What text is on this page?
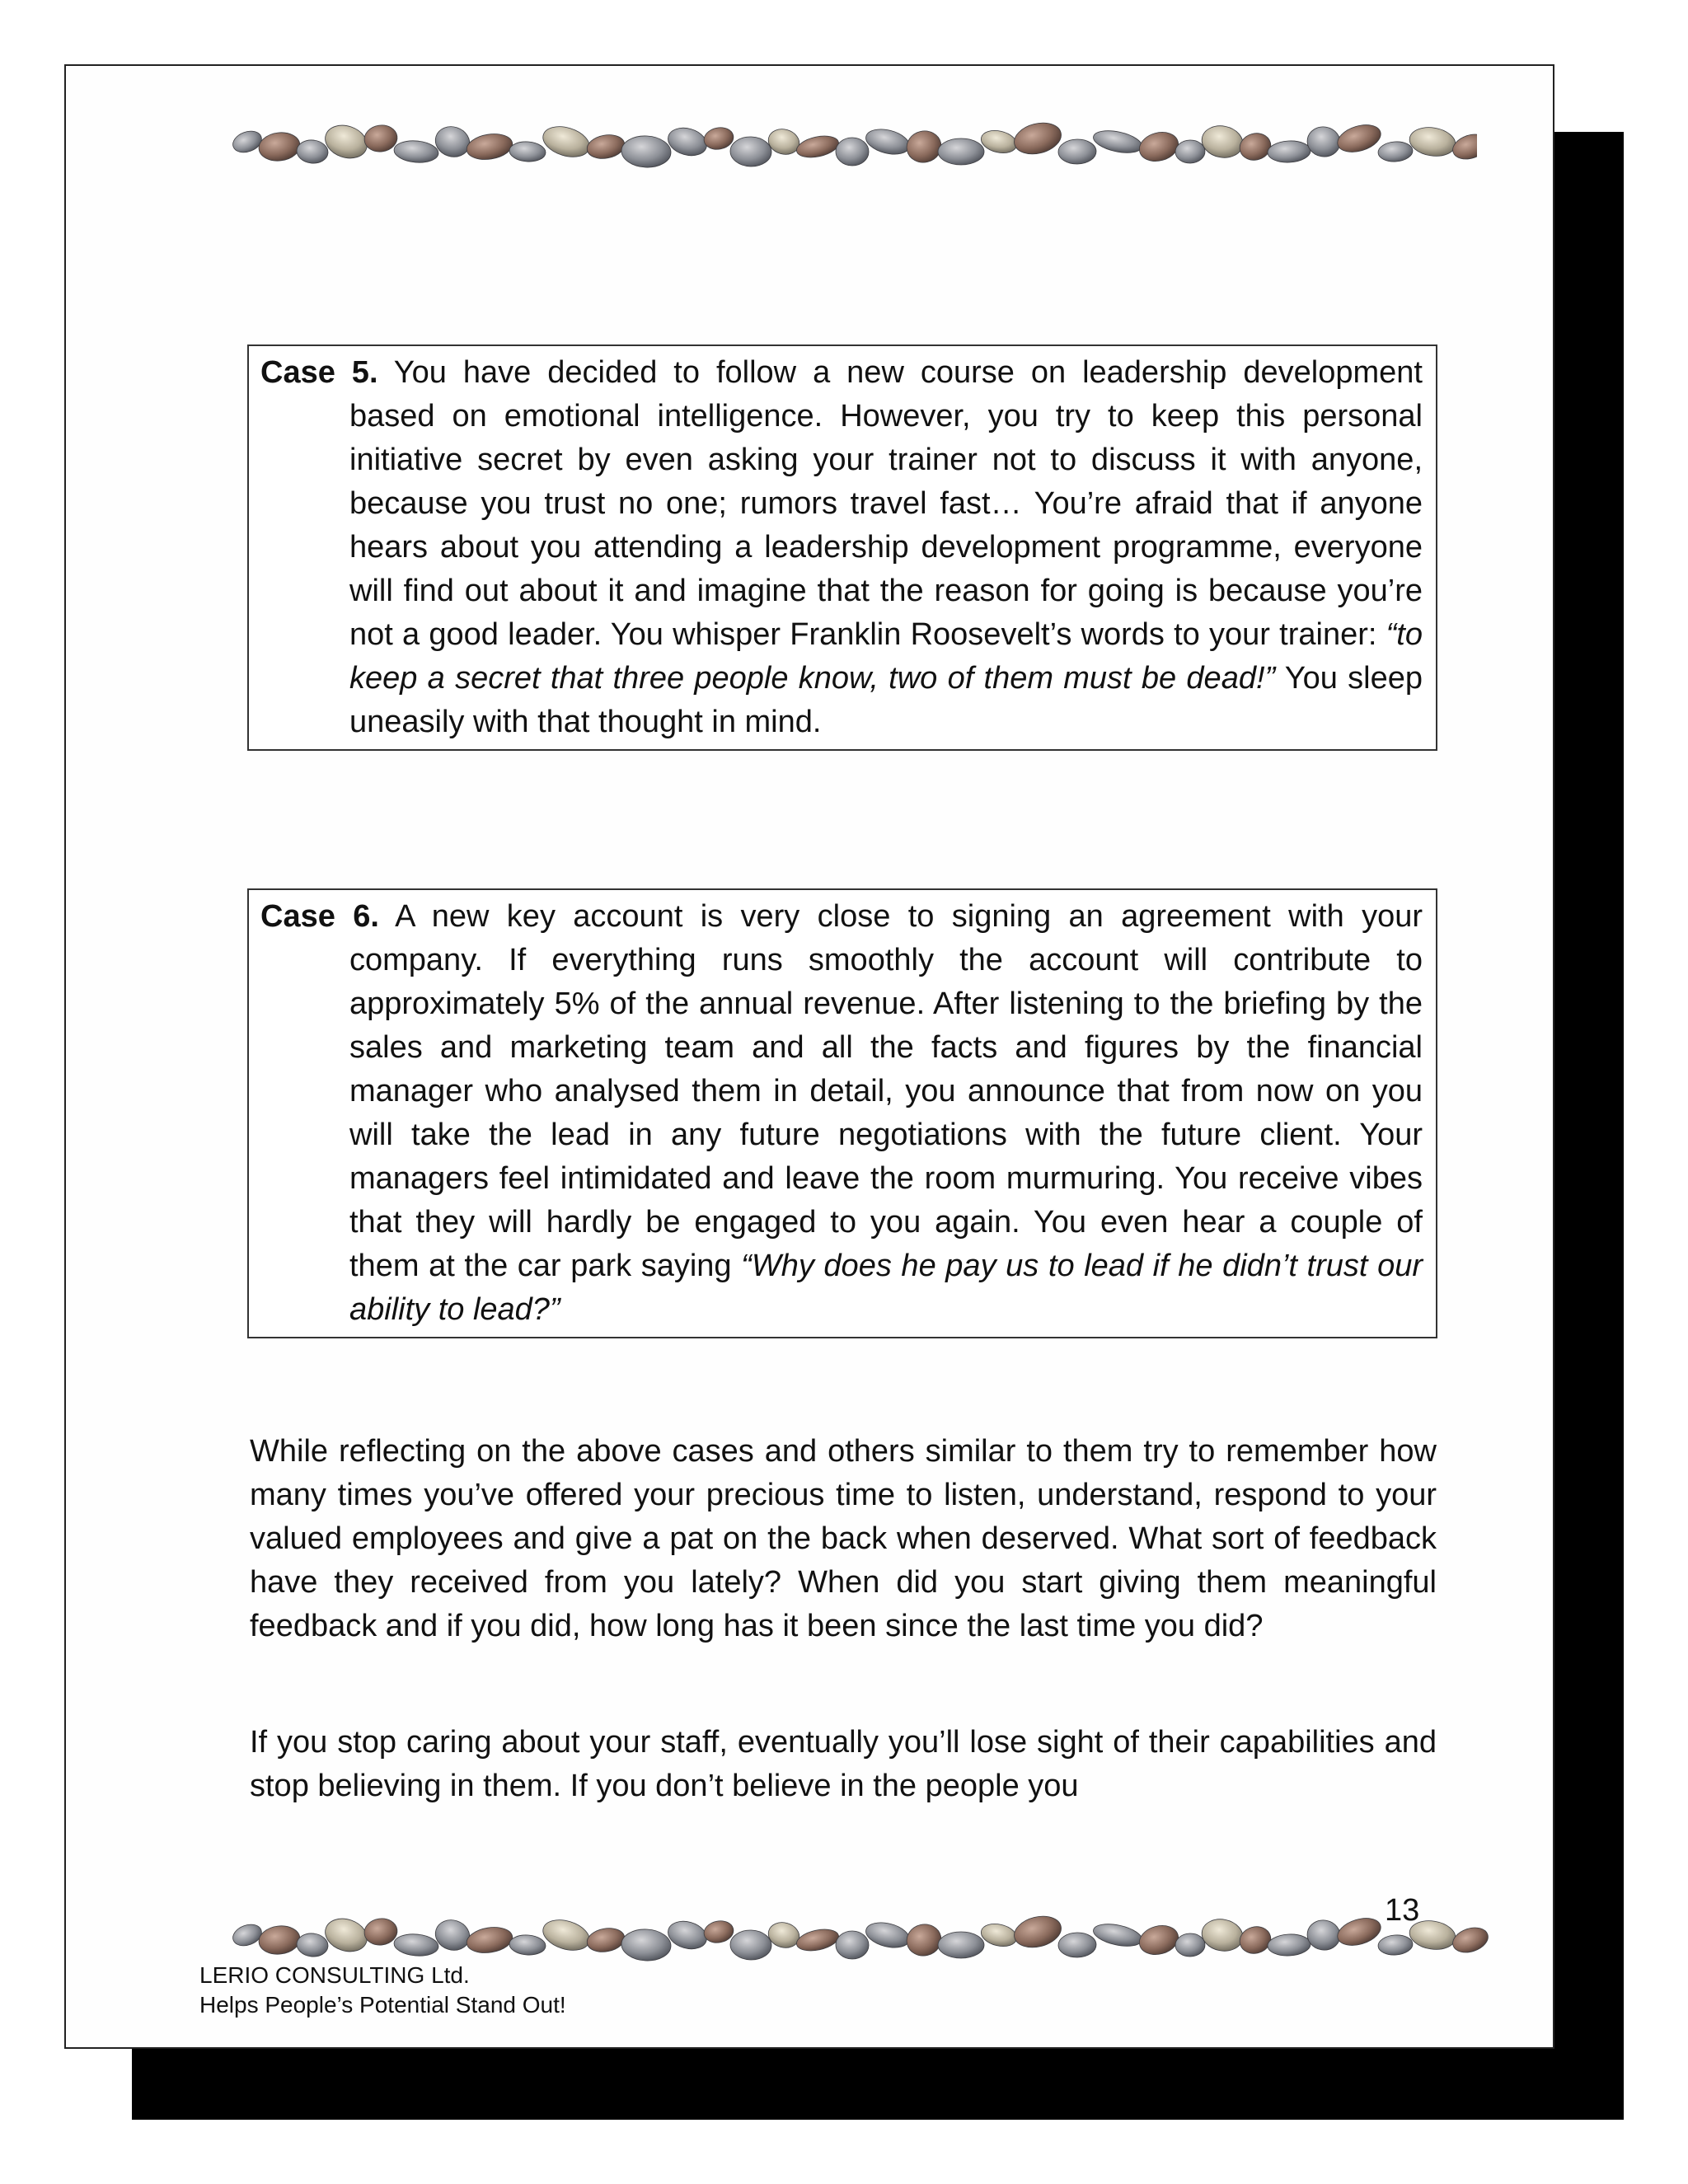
Case 5. You have decided to follow a new course on leadership development based on emotional intelligence. However, you try to keep this personal initiative secret by even asking your trainer not to discuss it with anyone, because you trust no one; rumors travel fast… You’re afraid that if anyone hears about you attending a leadership development programme, everyone will find out about it and imagine that the reason for going is because you’re not a good leader. You whisper Franklin Roosevelt’s words to your trainer: “to keep a secret that three people know, two of them must be dead!” You sleep uneasily with that thought in mind.

Case 6. A new key account is very close to signing an agreement with your company. If everything runs smoothly the account will contribute to approximately 5% of the annual revenue. After listening to the briefing by the sales and marketing team and all the facts and figures by the financial manager who analysed them in detail, you announce that from now on you will take the lead in any future negotiations with the future client. Your managers feel intimidated and leave the room murmuring. You receive vibes that they will hardly be engaged to you again. You even hear a couple of them at the car park saying “Why does he pay us to lead if he didn’t trust our ability to lead?”

While reflecting on the above cases and others similar to them try to remember how many times you’ve offered your precious time to listen, understand, respond to your valued employees and give a pat on the back when deserved. What sort of feedback have they received from you lately? When did you start giving them meaningful feedback and if you did, how long has it been since the last time you did?

If you stop caring about your staff, eventually you’ll lose sight of their capabilities and stop believing in them. If you don’t believe in the people you

13
LERIO CONSULTING Ltd.
Helps People’s Potential Stand Out!
